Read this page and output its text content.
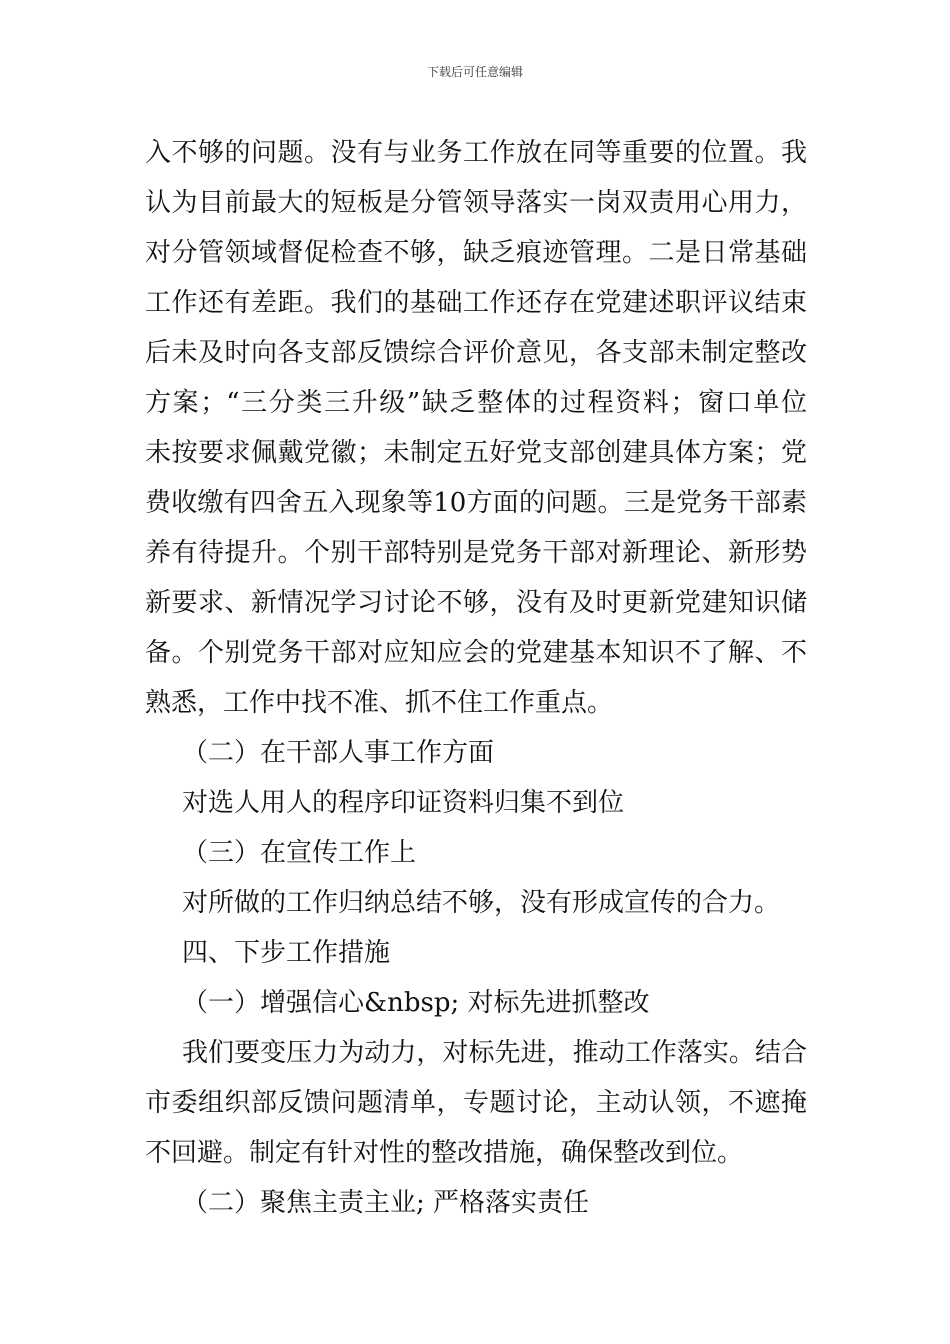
下载后可任意编辑
入不够的问题。没有与业务工作放在同等重要的位置。我
认为目前最大的短板是分管领导落实一岗双责用心用力，
对分管领域督促检查不够，缺乏痕迹管理。二是日常基础
工作还有差距。我们的基础工作还存在党建述职评议结束
后未及时向各支部反馈综合评价意见，各支部未制定整改
方案；“三分类三升级”缺乏整体的过程资料；窗口单位
未按要求佩戴党徽；未制定五好党支部创建具体方案；党
费收缴有四舍五入现象等10方面的问题。三是党务干部素
养有待提升。个别干部特别是党务干部对新理论、新形势
新要求、新情况学习讨论不够，没有及时更新党建知识储
备。个别党务干部对应知应会的党建基本知识不了解、不
熟悉，工作中找不准、抓不住工作重点。
（二）在干部人事工作方面
对选人用人的程序印证资料归集不到位
（三）在宣传工作上
对所做的工作归纳总结不够，没有形成宣传的合力。
四、下步工作措施
（一）增强信心&nbsp; 对标先进抓整改
我们要变压力为动力，对标先进，推动工作落实。结合
市委组织部反馈问题清单，专题讨论，主动认领，不遮掩
不回避。制定有针对性的整改措施，确保整改到位。
（二）聚焦主责主业; 严格落实责任
